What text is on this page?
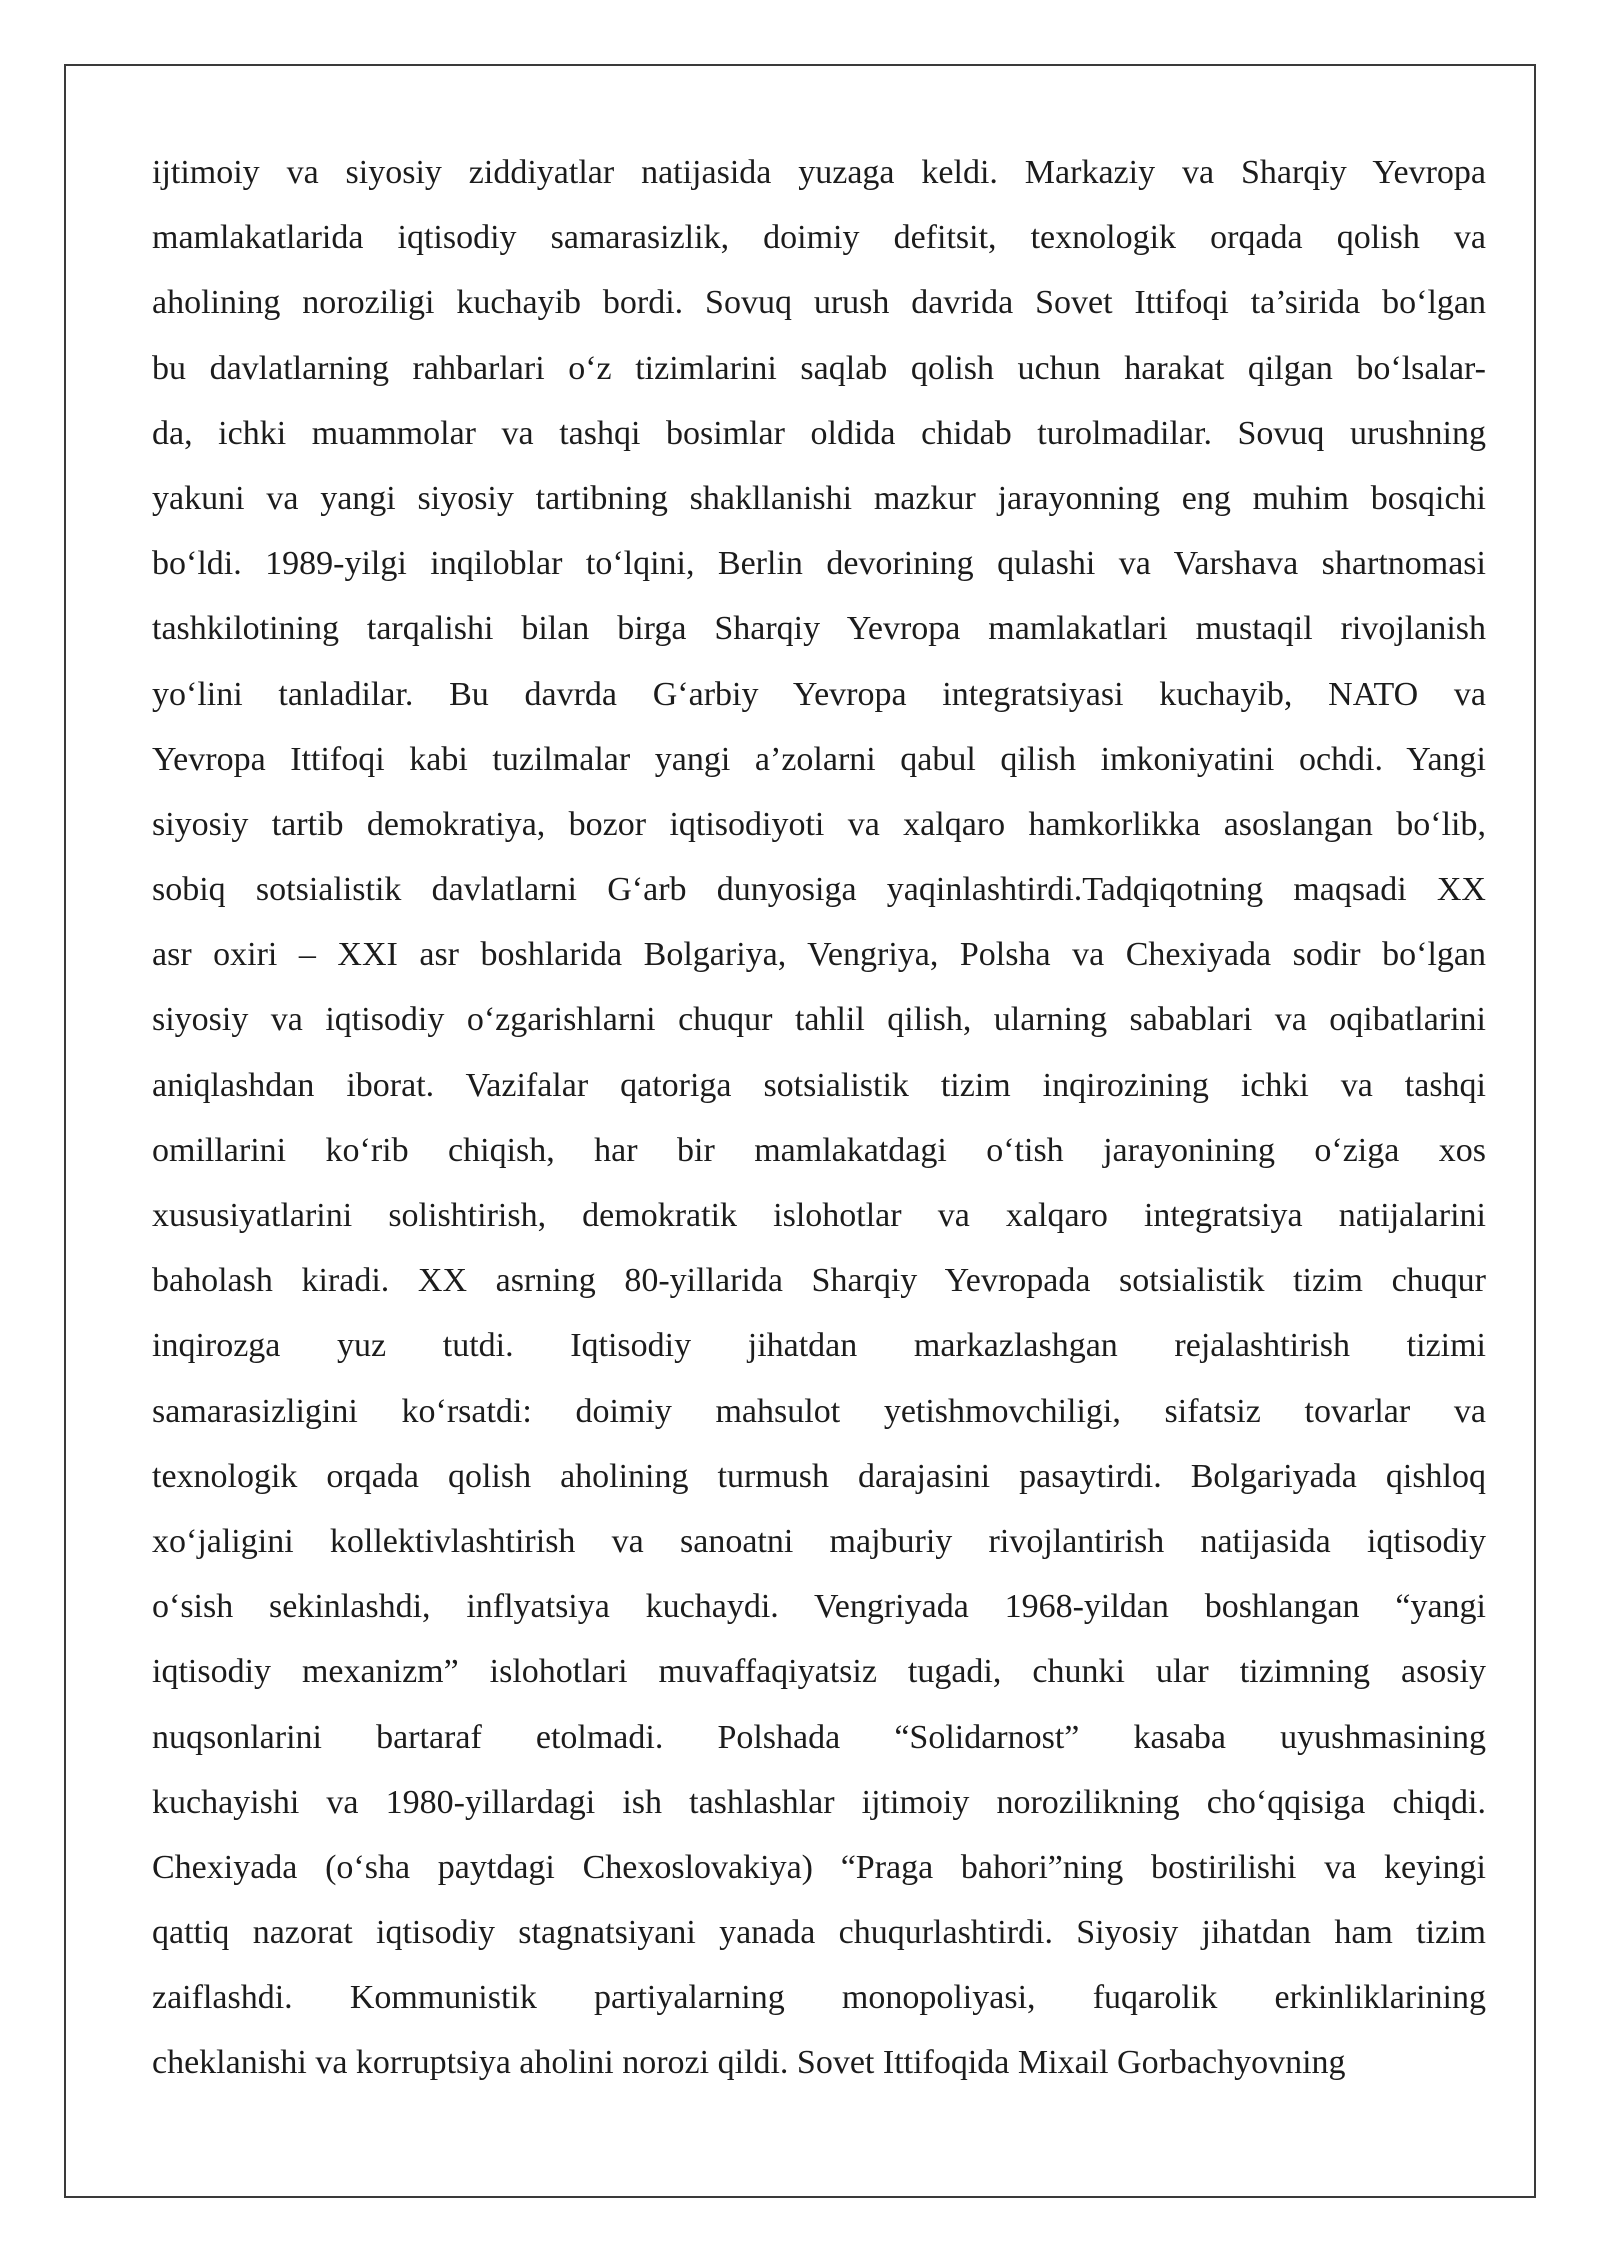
ijtimoiy va siyosiy ziddiyatlar natijasida yuzaga keldi. Markaziy va Sharqiy Yevropa
mamlakatlarida iqtisodiy samarasizlik, doimiy defitsit, texnologik orqada qolish va
aholining noroziligi kuchayib bordi. Sovuq urush davrida Sovet Ittifoqi ta’sirida bo‘lgan
bu davlatlarning rahbarlari o‘z tizimlarini saqlab qolish uchun harakat qilgan bo‘lsalar-
da, ichki muammolar va tashqi bosimlar oldida chidab turolmadilar. Sovuq urushning
yakuni va yangi siyosiy tartibning shakllanishi mazkur jarayonning eng muhim bosqichi
bo‘ldi. 1989-yilgi inqiloblar to‘lqini, Berlin devorining qulashi va Varshava shartnomasi
tashkilotining tarqalishi bilan birga Sharqiy Yevropa mamlakatlari mustaqil rivojlanish
yo‘lini tanladilar. Bu davrda G‘arbiy Yevropa integratsiyasi kuchayib, NATO va
Yevropa Ittifoqi kabi tuzilmalar yangi a’zolarni qabul qilish imkoniyatini ochdi. Yangi
siyosiy tartib demokratiya, bozor iqtisodiyoti va xalqaro hamkorlikka asoslangan bo‘lib,
sobiq sotsialistik davlatlarni G‘arb dunyosiga yaqinlashtirdi.Tadqiqotning maqsadi XX
asr oxiri – XXI asr boshlarida Bolgariya, Vengriya, Polsha va Chexiyada sodir bo‘lgan
siyosiy va iqtisodiy o‘zgarishlarni chuqur tahlil qilish, ularning sabablari va oqibatlarini
aniqlashdan iborat. Vazifalar qatoriga sotsialistik tizim inqirozining ichki va tashqi
omillarini ko‘rib chiqish, har bir mamlakatdagi o‘tish jarayonining o‘ziga xos
xususiyatlarini solishtirish, demokratik islohotlar va xalqaro integratsiya natijalarini
baholash kiradi. XX asrning 80-yillarida Sharqiy Yevropada sotsialistik tizim chuqur
inqirozga yuz tutdi. Iqtisodiy jihatdan markazlashgan rejalashtirish tizimi
samarasizligini ko‘rsatdi: doimiy mahsulot yetishmovchiligi, sifatsiz tovarlar va
texnologik orqada qolish aholining turmush darajasini pasaytirdi. Bolgariyada qishloq
xo‘jaligini kollektivlashtirish va sanoatni majburiy rivojlantirish natijasida iqtisodiy
o‘sish sekinlashdi, inflyatsiya kuchaydi. Vengriyada 1968-yildan boshlangan “yangi
iqtisodiy mexanizm” islohotlari muvaffaqiyatsiz tugadi, chunki ular tizimning asosiy
nuqsonlarini bartaraf etolmadi. Polshada “Solidarnost” kasaba uyushmasining
kuchayishi va 1980-yillardagi ish tashlashlar ijtimoiy norozilikning cho‘qqisiga chiqdi.
Chexiyada (o‘sha paytdagi Chexoslovakiya) “Praga bahori”ning bostirilishi va keyingi
qattiq nazorat iqtisodiy stagnatsiyani yanada chuqurlashtirdi. Siyosiy jihatdan ham tizim
zaiflashdi. Kommunistik partiyalarning monopoliyasi, fuqarolik erkinliklarining
cheklanishi va korruptsiya aholini norozi qildi. Sovet Ittifoqida Mixail Gorbachyovning
